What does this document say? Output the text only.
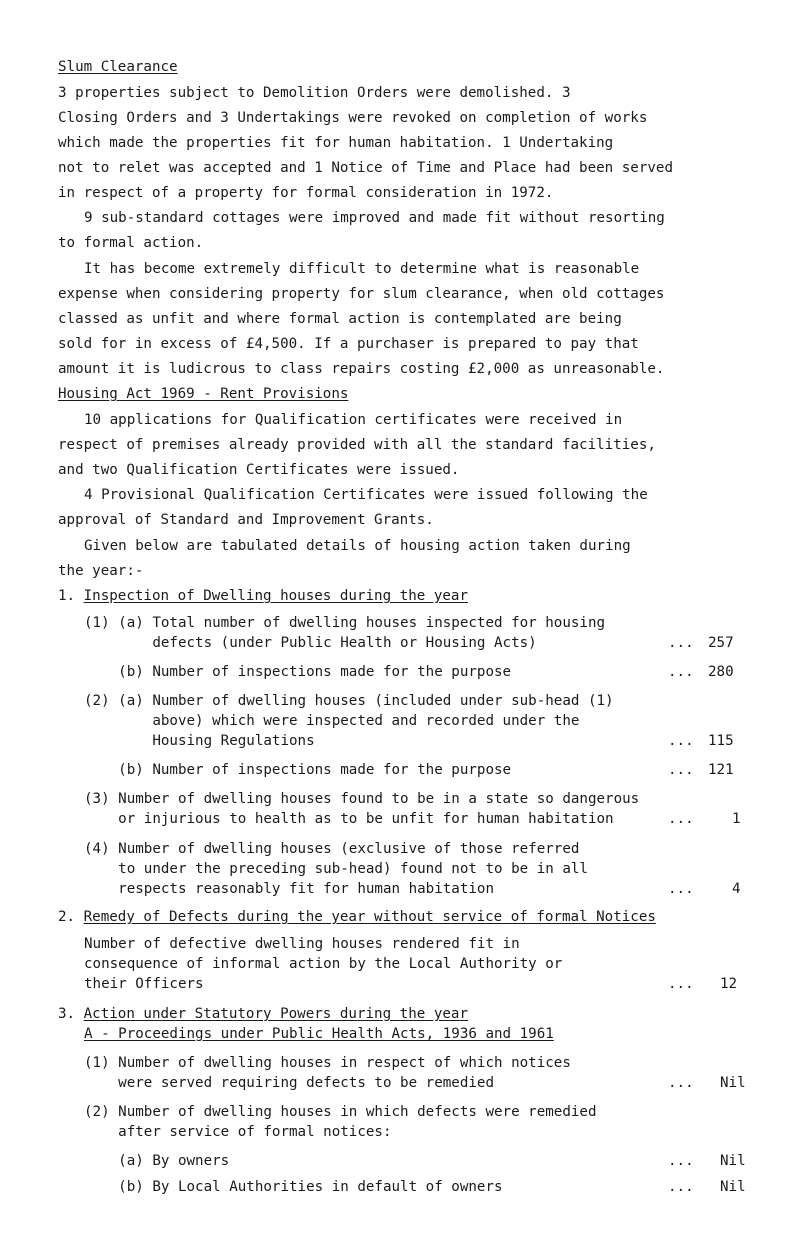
Slum Clearance
3 properties subject to Demolition Orders were demolished. 3
Closing Orders and 3 Undertakings were revoked on completion of works
which made the properties fit for human habitation. 1 Undertaking
not to relet was accepted and 1 Notice of Time and Place had been served
in respect of a property for formal consideration in 1972.
9 sub-standard cottages were improved and made fit without resorting
to formal action.
It has become extremely difficult to determine what is reasonable
expense when considering property for slum clearance, when old cottages
classed as unfit and where formal action is contemplated are being
sold for in excess of £4,500. If a purchaser is prepared to pay that
amount it is ludicrous to class repairs costing £2,000 as unreasonable.
Housing Act 1969 - Rent Provisions
10 applications for Qualification certificates were received in
respect of premises already provided with all the standard facilities,
and two Qualification Certificates were issued.
4 Provisional Qualification Certificates were issued following the
approval of Standard and Improvement Grants.
Given below are tabulated details of housing action taken during
the year:-
1. Inspection of Dwelling houses during the year
(1) (a) Total number of dwelling houses inspected for housing
defects (under Public Health or Housing Acts)	... 257
(b) Number of inspections made for the purpose	... 280
(2) (a) Number of dwelling houses (included under sub-head (1)
above) which were inspected and recorded under the
Housing Regulations	... 115
(b) Number of inspections made for the purpose	... 121
(3) Number of dwelling houses found to be in a state so dangerous
or injurious to health as to be unfit for human habitation	...	1
(4) Number of dwelling houses (exclusive of those referred
to under the preceding sub-head) found not to be in all
respects reasonably fit for human habitation	...	4
2. Remedy of Defects during the year without service of formal Notices
Number of defective dwelling houses rendered fit in
consequence of informal action by the Local Authority or
their Officers	... 12
3. Action under Statutory Powers during the year
A - Proceedings under Public Health Acts, 1936 and 1961
(1) Number of dwelling houses in respect of which notices
were served requiring defects to be remedied	... Nil
(2) Number of dwelling houses in which defects were remedied
after service of formal notices:
(a) By owners	... Nil
(b) By Local Authorities in default of owners	... Nil
